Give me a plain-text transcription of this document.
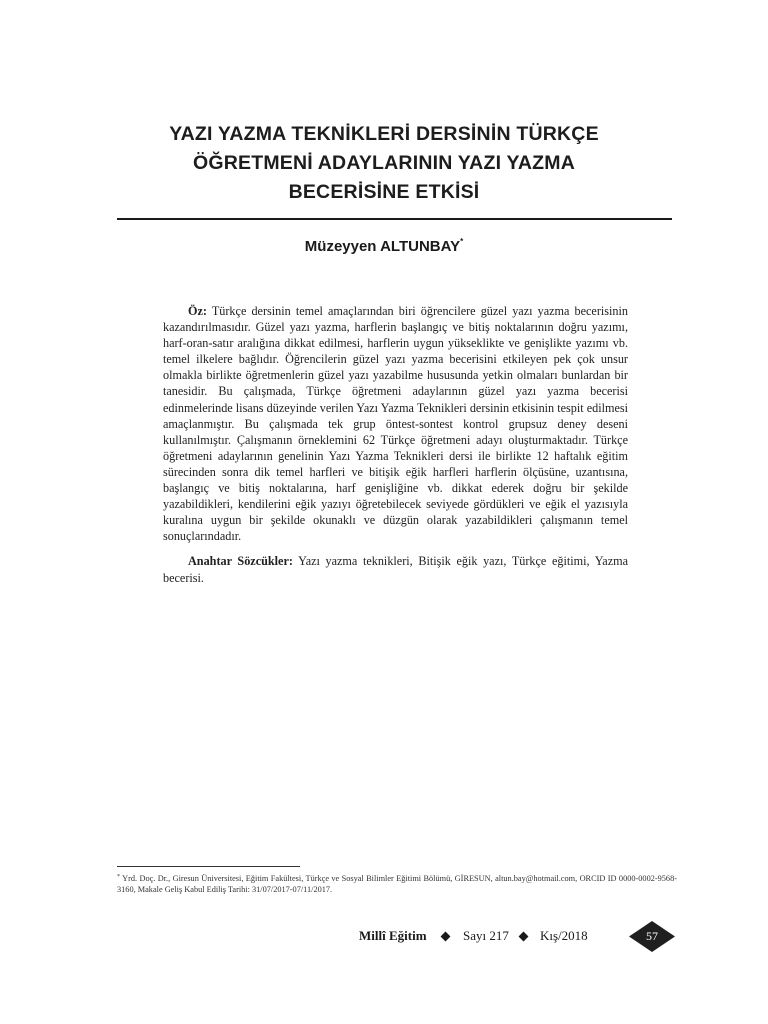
YAZI YAZMA TEKNİKLERİ DERSİNİN TÜRKÇE
ÖĞRETMENİ ADAYLARININ YAZI YAZMA
BECERİSİNE ETKİSİ
Müzeyyen ALTUNBAY*

Öz: Türkçe dersinin temel amaçlarından biri öğrencilere güzel yazı yazma becerisinin kazandırılmasıdır. Güzel yazı yazma, harflerin başlangıç ve bitiş noktalarının doğru yazımı, harf-oran-satır aralığına dikkat edilmesi, harflerin uygun yükseklikte ve genişlikte yazımı vb. temel ilkelere bağlıdır. Öğrencilerin güzel yazı yazma becerisini etkileyen pek çok unsur olmakla birlikte öğretmenlerin güzel yazı yazabilme hususunda yetkin olmaları bunlardan bir tanesidir. Bu çalışmada, Türkçe öğretmeni adaylarının güzel yazı yazma becerisi edinmelerinde lisans düzeyinde verilen Yazı Yazma Teknikleri dersinin etkisinin tespit edilmesi amaçlanmıştır. Bu çalışmada tek grup öntest-sontest kontrol grupsuz deney deseni kullanılmıştır. Çalışmanın örneklemini 62 Türkçe öğretmeni adayı oluşturmaktadır. Türkçe öğretmeni adaylarının genelinin Yazı Yazma Teknikleri dersi ile birlikte 12 haftalık eğitim sürecinden sonra dik temel harfleri ve bitişik eğik harfleri harflerin ölçüsüne, uzantısına, başlangıç ve bitiş noktalarına, harf genişliğine vb. dikkat ederek doğru bir şekilde yazabildikleri, kendilerini eğik yazıyı öğretebilecek seviyede gördükleri ve eğik el yazısıyla kuralına uygun bir şekilde okunaklı ve düzgün olarak yazabildikleri çalışmanın temel sonuçlarındadır.

Anahtar Sözcükler: Yazı yazma teknikleri, Bitişik eğik yazı, Türkçe eğitimi, Yazma becerisi.

* Yrd. Doç. Dr., Giresun Üniversitesi, Eğitim Fakültesi, Türkçe ve Sosyal Bilimler Eğitimi Bölümü, GİRESUN, altun.bay@hotmail.com, ORCID ID 0000-0002-9568-3160, Makale Geliş Kabul Ediliş Tarihi: 31/07/2017-07/11/2017.
Millî Eğitim	Sayı 217 Kış/2018	57
